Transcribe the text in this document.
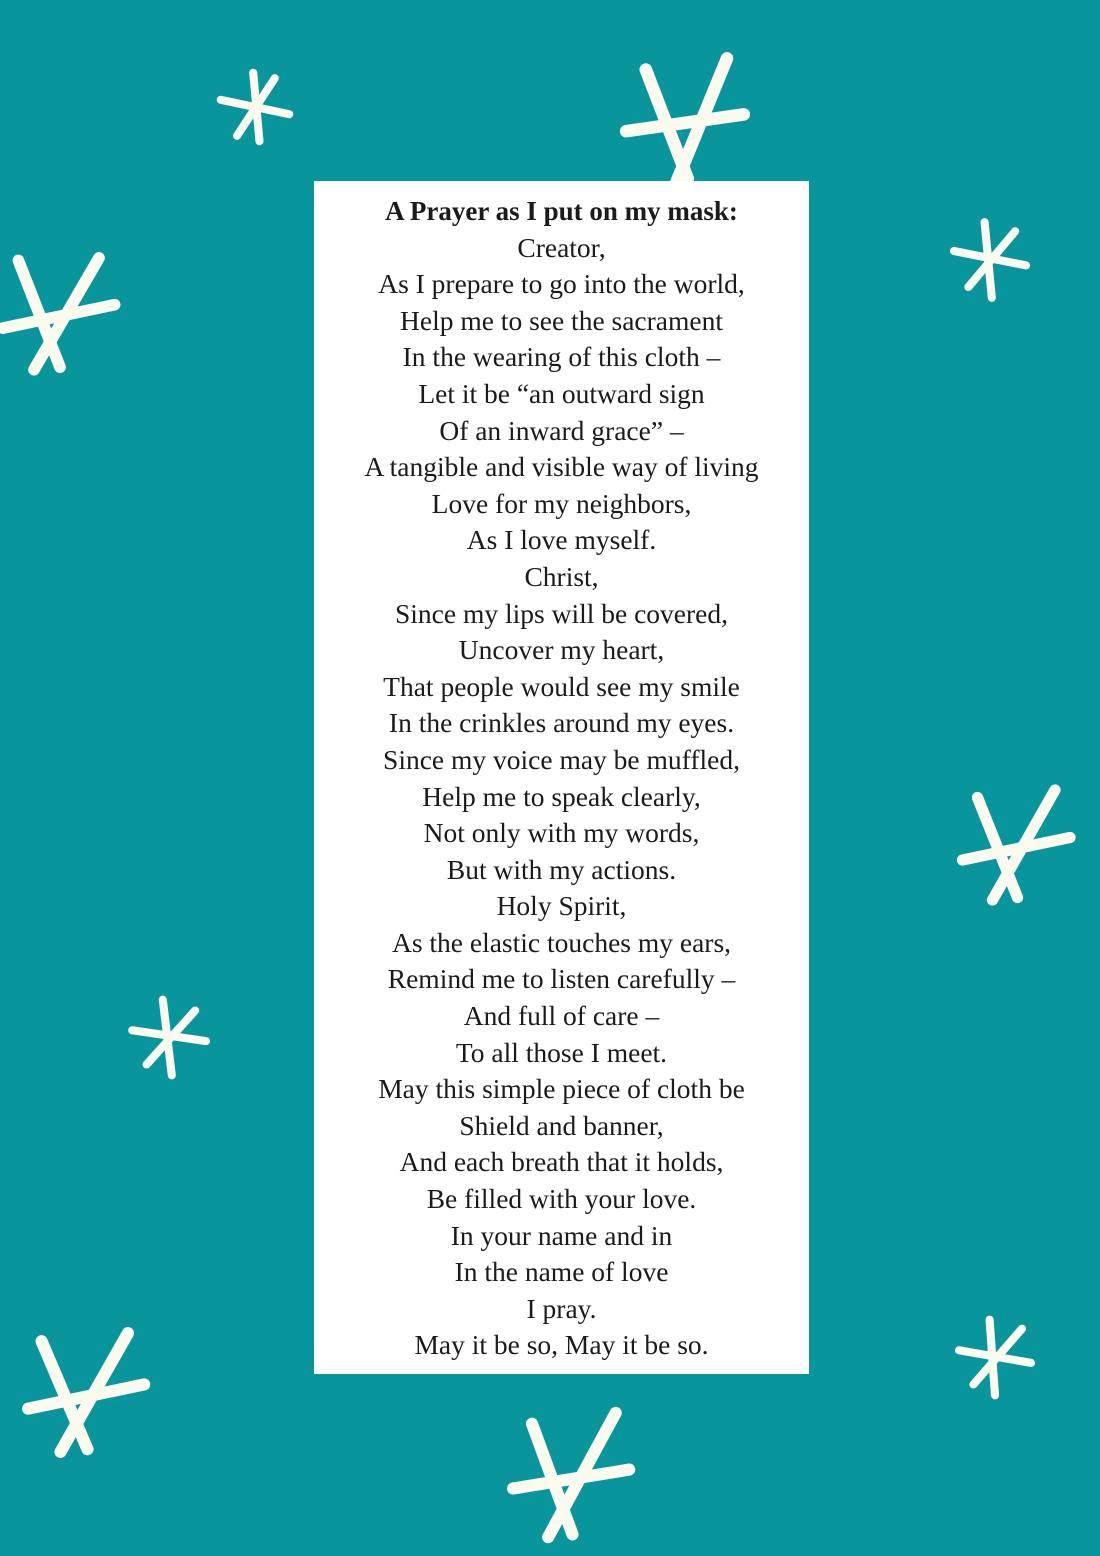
A Prayer as I put on my mask:
Creator,
As I prepare to go into the world,
Help me to see the sacrament
In the wearing of this cloth –
Let it be “an outward sign
Of an inward grace” –
A tangible and visible way of living
Love for my neighbors,
As I love myself.
Christ,
Since my lips will be covered,
Uncover my heart,
That people would see my smile
In the crinkles around my eyes.
Since my voice may be muffled,
Help me to speak clearly,
Not only with my words,
But with my actions.
Holy Spirit,
As the elastic touches my ears,
Remind me to listen carefully –
And full of care –
To all those I meet.
May this simple piece of cloth be
Shield and banner,
And each breath that it holds,
Be filled with your love.
In your name and in
In the name of love
I pray.
May it be so, May it be so.
